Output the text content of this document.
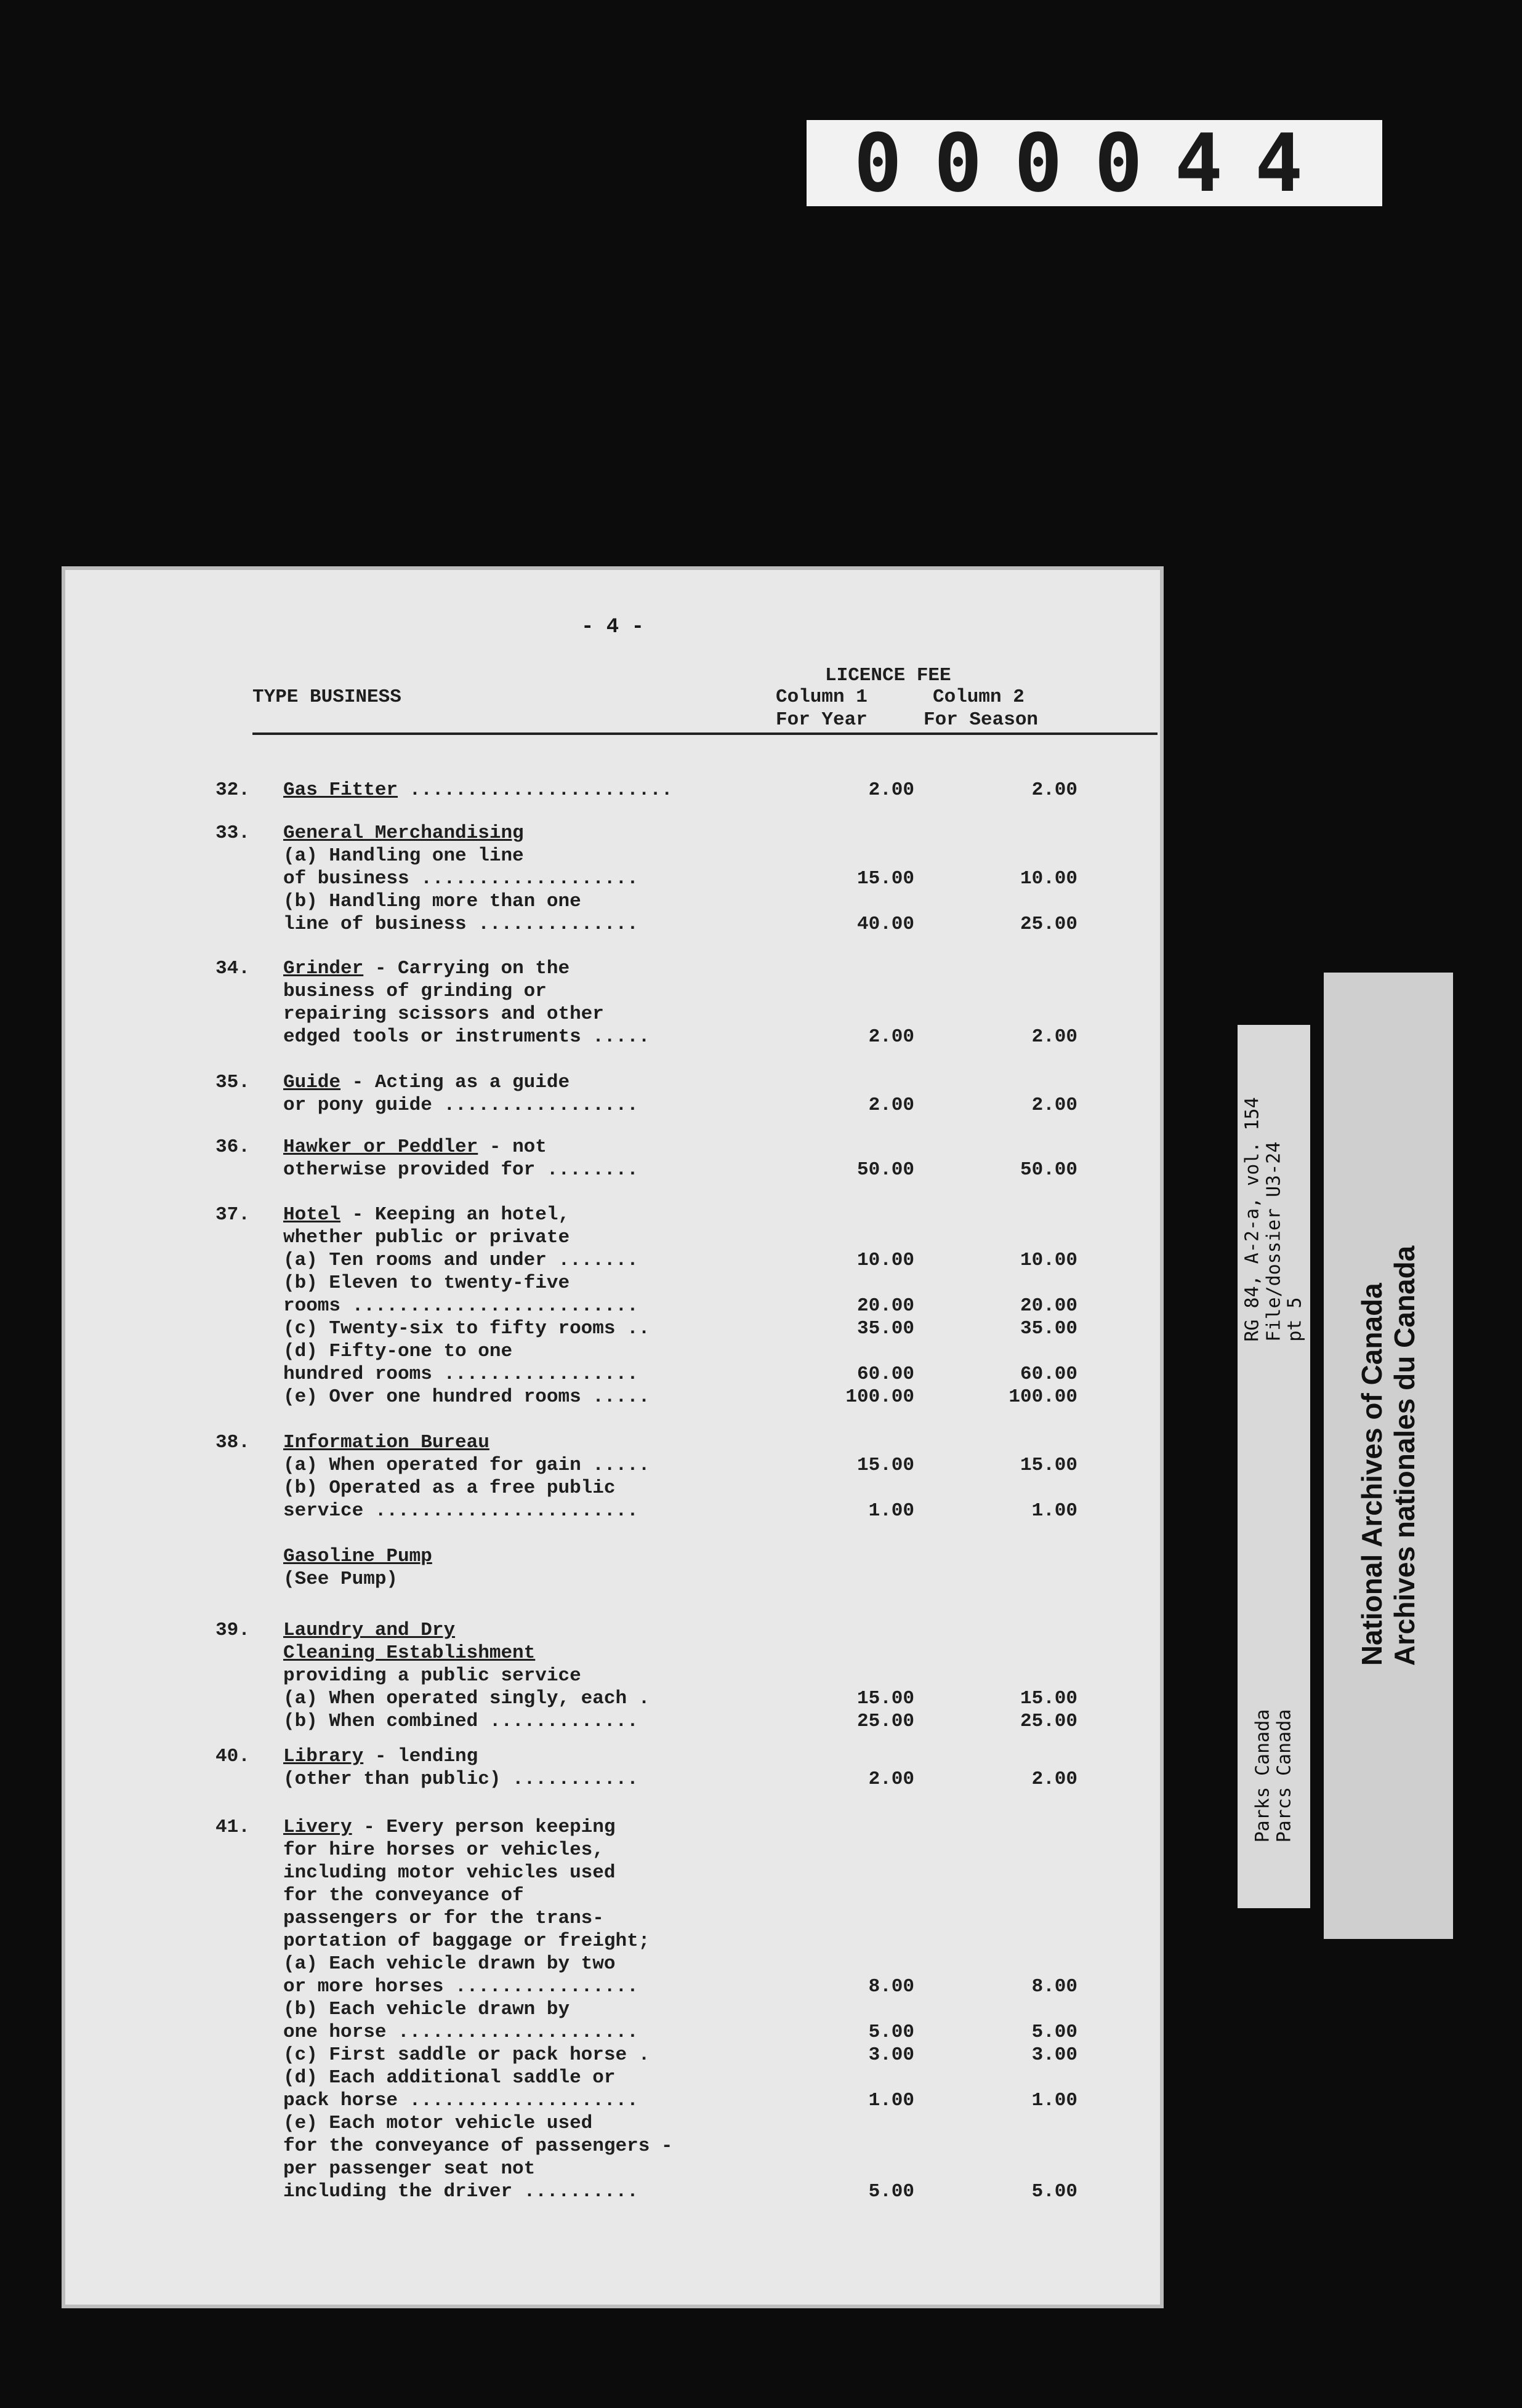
000044
RG 84, A-2-a, vol. 154 File/dossier U3-24 pt 5
Parks Canada Parcs Canada
National Archives of Canada Archives nationales du Canada
- 4 -
TYPE BUSINESS
LICENCE FEE
Column 1
For Year
Column 2
For Season
32. Gas Fitter .......................	2.00	2.00
33. General Merchandising
(a) Handling one line
of business ...................	15.00	10.00
(b) Handling more than one
line of business ..............	40.00	25.00
34. Grinder - Carrying on the
business of grinding or
repairing scissors and other
edged tools or instruments .....	2.00	2.00
35. Guide - Acting as a guide
or pony guide .................	2.00	2.00
36. Hawker or Peddler - not
otherwise provided for ........	50.00	50.00
37. Hotel - Keeping an hotel,
whether public or private
(a) Ten rooms and under .......	10.00	10.00
(b) Eleven to twenty-five
rooms .........................	20.00	20.00
(c) Twenty-six to fifty rooms ..	35.00	35.00
(d) Fifty-one to one
hundred rooms .................	60.00	60.00
(e) Over one hundred rooms .....	100.00	100.00
38. Information Bureau
(a) When operated for gain .....	15.00	15.00
(b) Operated as a free public
service .......................	1.00	1.00
Gasoline Pump
(See Pump)
39. Laundry and Dry
Cleaning Establishment
providing a public service
(a) When operated singly, each .	15.00	15.00
(b) When combined .............	25.00	25.00
40. Library - lending
(other than public) ...........	2.00	2.00
41. Livery - Every person keeping
for hire horses or vehicles,
including motor vehicles used
for the conveyance of
passengers or for the trans-
portation of baggage or freight;
(a) Each vehicle drawn by two
or more horses ................	8.00	8.00
(b) Each vehicle drawn by
one horse .....................	5.00	5.00
(c) First saddle or pack horse .	3.00	3.00
(d) Each additional saddle or
pack horse ....................	1.00	1.00
(e) Each motor vehicle used
for the conveyance of passengers -
per passenger seat not
including the driver ..........	5.00	5.00
